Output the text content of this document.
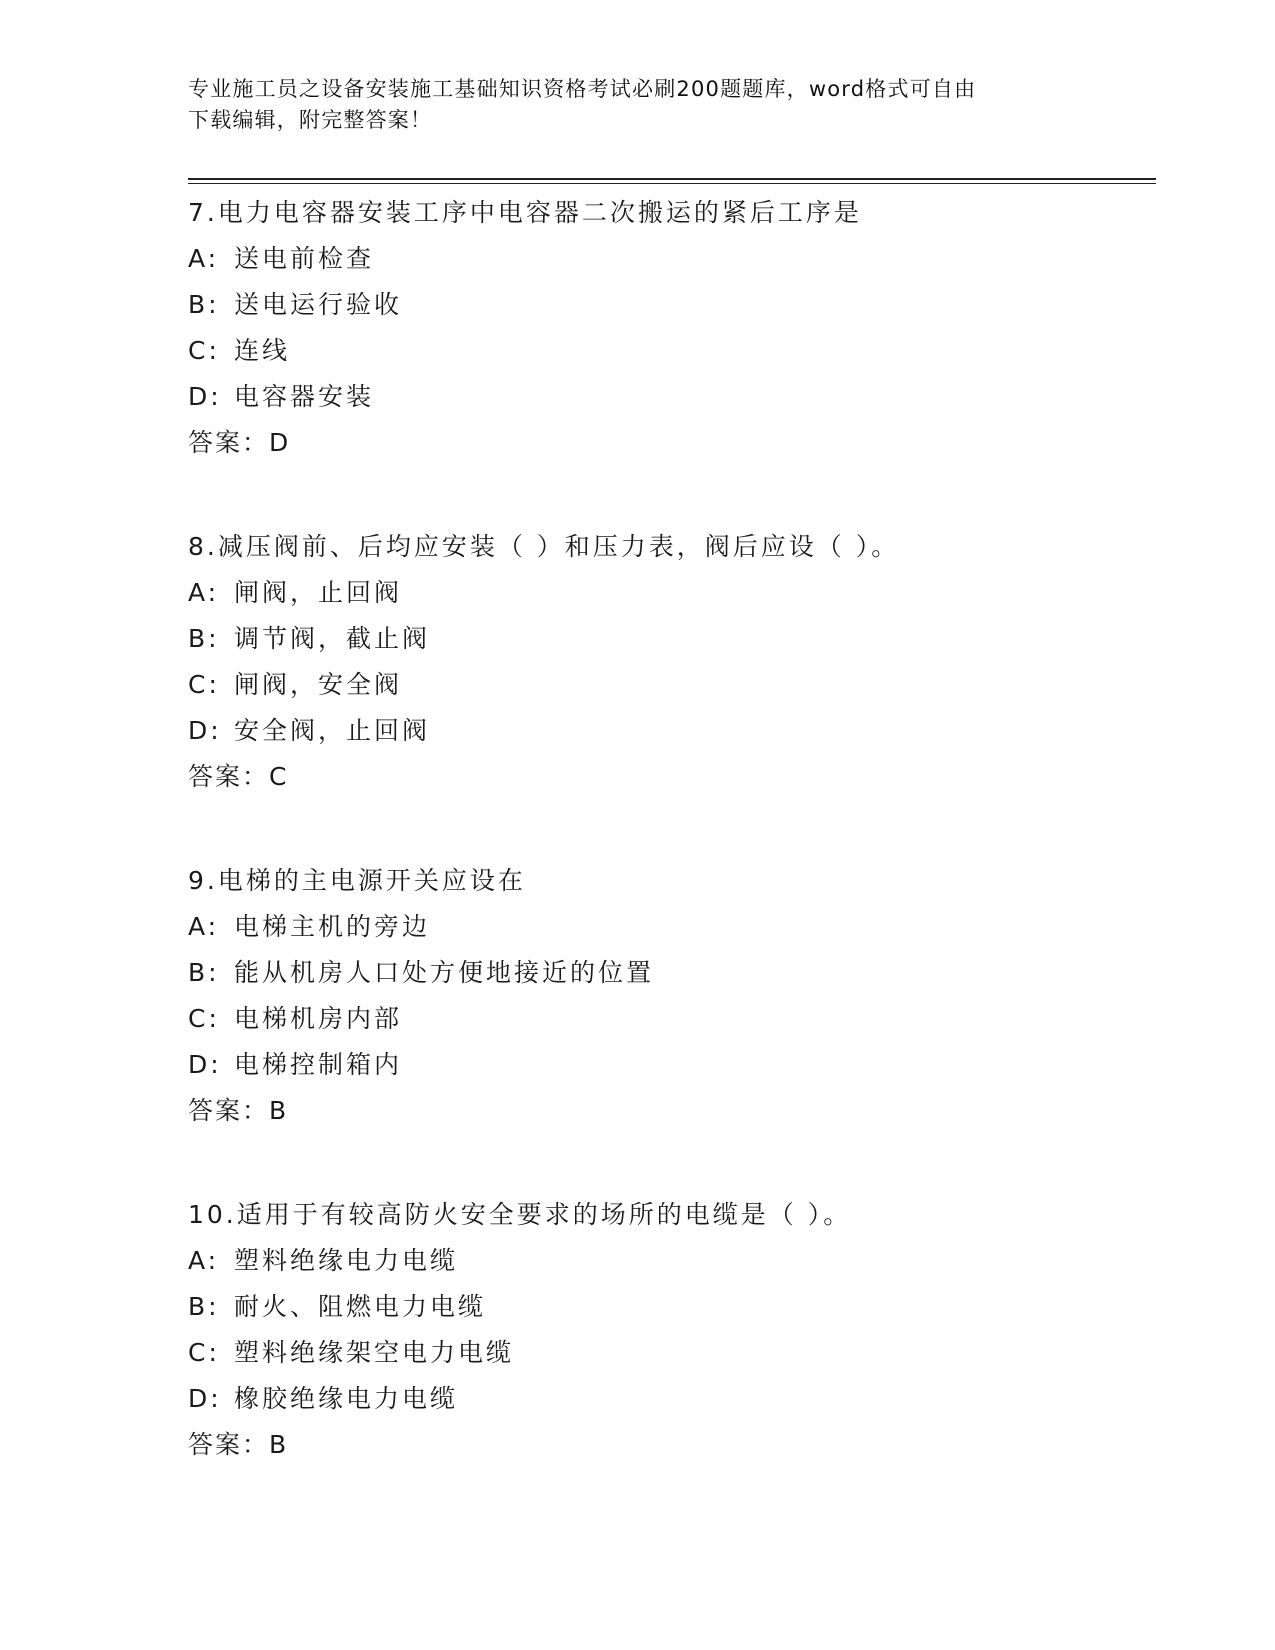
专业施工员之设备安装施工基础知识资格考试必刷200题题库，word格式可自由
下载编辑，附完整答案！
7.电力电容器安装工序中电容器二次搬运的紧后工序是
A: 送电前检查
B: 送电运行验收
C: 连线
D: 电容器安装
答案：D
8.减压阀前、后均应安装（ ）和压力表，阀后应设（ ）。
A: 闸阀，止回阀
B: 调节阀，截止阀
C: 闸阀，安全阀
D: 安全阀，止回阀
答案：C
9.电梯的主电源开关应设在
A: 电梯主机的旁边
B: 能从机房人口处方便地接近的位置
C: 电梯机房内部
D: 电梯控制箱内
答案：B
10.适用于有较高防火安全要求的场所的电缆是（ ）。
A: 塑料绝缘电力电缆
B: 耐火、阻燃电力电缆
C: 塑料绝缘架空电力电缆
D: 橡胶绝缘电力电缆
答案：B
